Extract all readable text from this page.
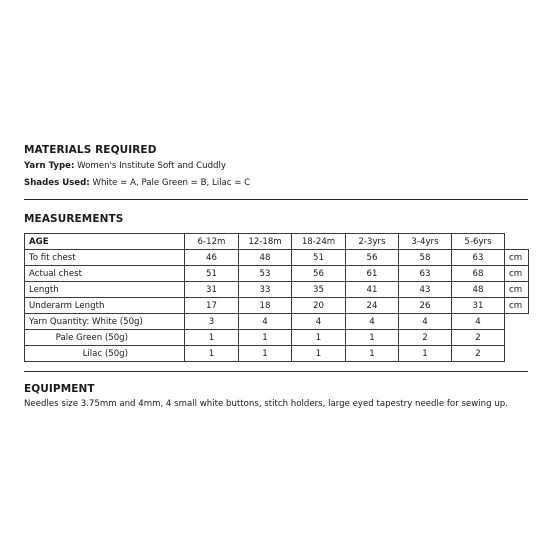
MATERIALS REQUIRED
Yarn Type: Women's Institute Soft and Cuddly
Shades Used: White = A, Pale Green = B, Lilac = C
MEASUREMENTS
AGE	6-12m	12-18m	18-24m	2-3yrs	3-4yrs	5-6yrs	
To fit chest	46	48	51	56	58	63	cm
Actual chest	51	53	56	61	63	68	cm
Length	31	33	35	41	43	48	cm
Underarm Length	17	18	20	24	26	31	cm
Yarn Quantity: White (50g)	3	4	4	4	4	4	
Pale Green (50g)	1	1	1	1	2	2	
Lilac (50g)	1	1	1	1	1	2	
EQUIPMENT
Needles size 3.75mm and 4mm, 4 small white buttons, stitch holders, large eyed tapestry needle for sewing up.
